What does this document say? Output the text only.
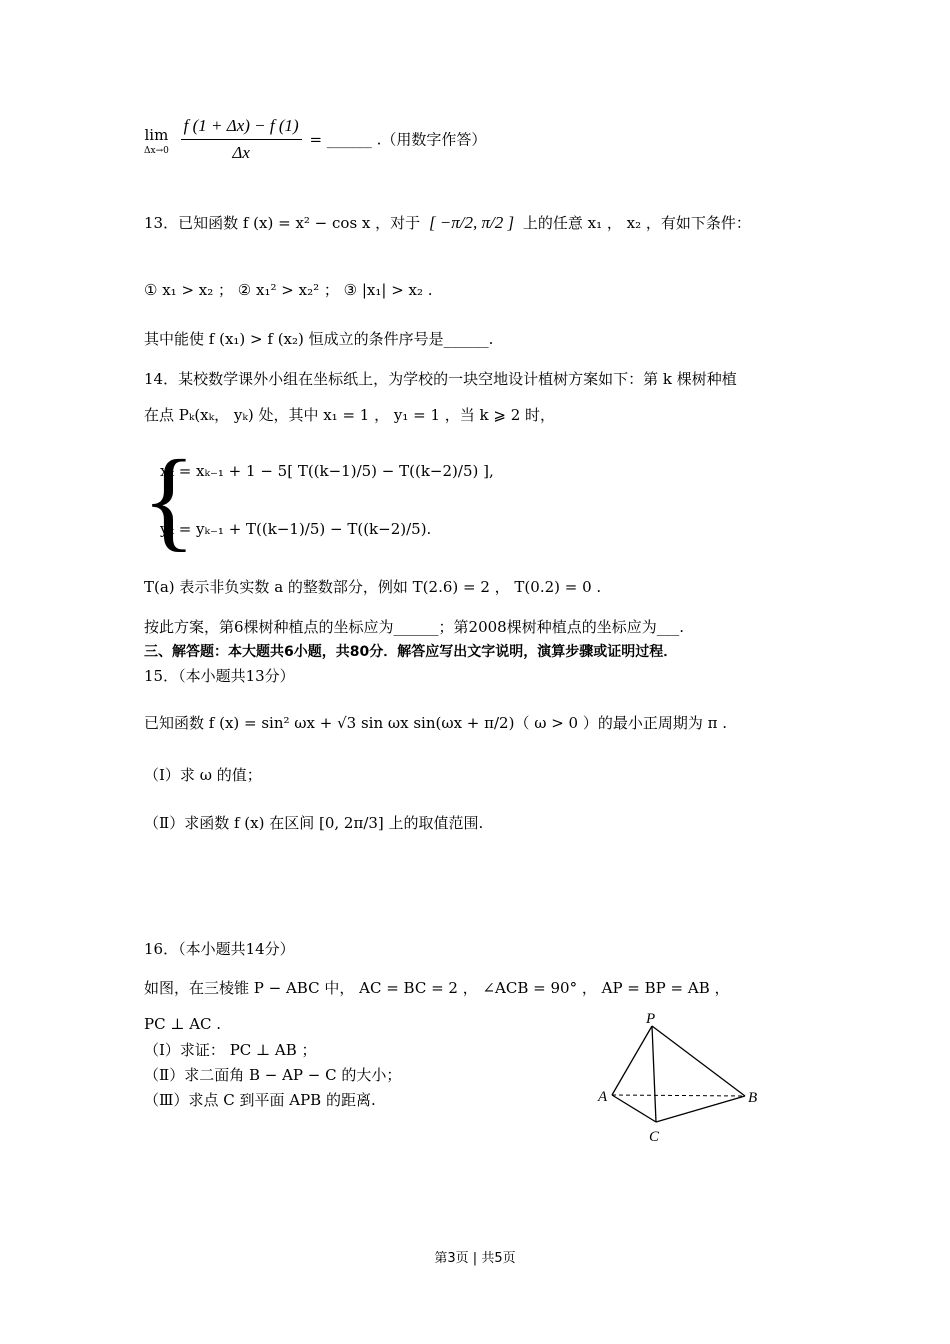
lim
Δx→0
$\frac{f (1 + \Delta x) - f (1)}{\Delta x}$ = ______ .（用数字作答）
13．已知函数 f (x) = x² − cos x ，对于 [ −π/2, π/2 ] 上的任意 x₁ ， x₂ ，有如下条件：
① x₁ > x₂ ； ② x₁² > x₂² ； ③ |x₁| > x₂ .
其中能使 f (x₁) > f (x₂) 恒成立的条件序号是______.
14．某校数学课外小组在坐标纸上，为学校的一块空地设计植树方案如下：第 k 棵树种植
在点 Pₖ(xₖ， yₖ) 处，其中 x₁ = 1 ， y₁ = 1 ，当 k ⩾ 2 时，
{
xₖ = xₖ₋₁ + 1 − 5[ T((k−1)/5) − T((k−2)/5) ],
yₖ = yₖ₋₁ + T((k−1)/5) − T((k−2)/5).
T(a) 表示非负实数 a 的整数部分，例如 T(2.6) = 2 ， T(0.2) = 0 .
按此方案，第6棵树种植点的坐标应为______；第2008棵树种植点的坐标应为___.
三、解答题：本大题共6小题，共80分．解答应写出文字说明，演算步骤或证明过程．
15．（本小题共13分）
已知函数 f (x) = sin² ωx + √3 sin ωx sin(ωx + π/2)（ ω > 0 ）的最小正周期为 π .
（Ⅰ）求 ω 的值；
（Ⅱ）求函数 f (x) 在区间 [0, 2π/3] 上的取值范围.
16．（本小题共14分）
如图，在三棱锥 P − ABC 中， AC = BC = 2 ， ∠ACB = 90° ， AP = BP = AB ，
PC ⊥ AC .
（Ⅰ）求证： PC ⊥ AB ；
（Ⅱ）求二面角 B − AP − C 的大小；
（Ⅲ）求点 C 到平面 APB 的距离.
P
A	B
C
第3页 | 共5页
